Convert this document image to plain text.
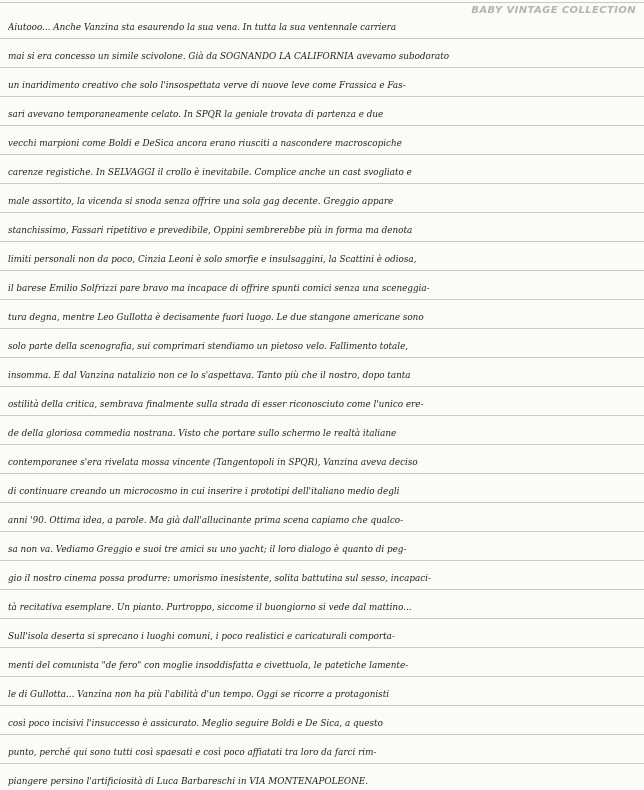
BABY VINTAGE COLLECTION
Aiutooo... Anche Vanzina sta esaurendo la sua vena. In tutta la sua ventennale carriera
mai si era concesso un simile scivolone. Già da SOGNANDO LA CALIFORNIA avevamo subodorato
un inaridimento creativo che solo l'insospettata verve di nuove leve come Frassica e Fas-
sari avevano temporaneamente celato. In SPQR la geniale trovata di partenza e due
vecchi marpioni come Boldi e DeSica ancora erano riusciti a nascondere macroscopiche
carenze registiche. In SELVAGGI il crollo è inevitabile. Complice anche un cast svogliato e
male assortito, la vicenda si snoda senza offrire una sola gag decente. Greggio appare
stanchissimo, Fassari ripetitivo e prevedibile, Oppini sembrerebbe più in forma ma denota
limiti personali non da poco, Cinzia Leoni è solo smorfie e insulsaggini, la Scattini è odiosa,
il barese Emilio Solfrizzi pare bravo ma incapace di offrire spunti comici senza una sceneggia-
tura degna, mentre Leo Gullotta è decisamente fuori luogo. Le due stangone americane sono
solo parte della scenografia, sui comprimari stendiamo un pietoso velo. Fallimento totale,
insomma. E dal Vanzina natalizio non ce lo s'aspettava. Tanto più che il nostro, dopo tanta
ostilità della critica, sembrava finalmente sulla strada di esser riconosciuto come l'unico ere-
de della gloriosa commedia nostrana. Visto che portare sullo schermo le realtà italiane
contemporanee s'era rivelata mossa vincente (Tangentopoli in SPQR), Vanzina aveva deciso
di continuare creando un microcosmo in cui inserire i prototipi dell'italiano medio degli
anni '90. Ottima idea, a parole. Ma già dall'allucinante prima scena capiamo che qualco-
sa non va. Vediamo Greggio e suoi tre amici su uno yacht; il loro dialogo è quanto di peg-
gio il nostro cinema possa produrre: umorismo inesistente, solita battutina sul sesso, incapaci-
tà recitativa esemplare. Un pianto. Purtroppo, siccome il buongiorno si vede dal mattino...
Sull'isola deserta si sprecano i luoghi comuni, i poco realistici e caricaturali comporta-
menti del comunista "de fero" con moglie insoddisfatta e civettuola, le patetiche lamente-
le di Gullotta... Vanzina non ha più l'abilità d'un tempo. Oggi se ricorre a protagonisti
così poco incisivi l'insuccesso è assicurato. Meglio seguire Boldi e De Sica, a questo
punto, perché qui sono tutti così spaesati e così poco affiatati tra loro da farci rim-
piangere persino l'artificiosità di Luca Barbareschi in VIA MONTENAPOLEONE.
